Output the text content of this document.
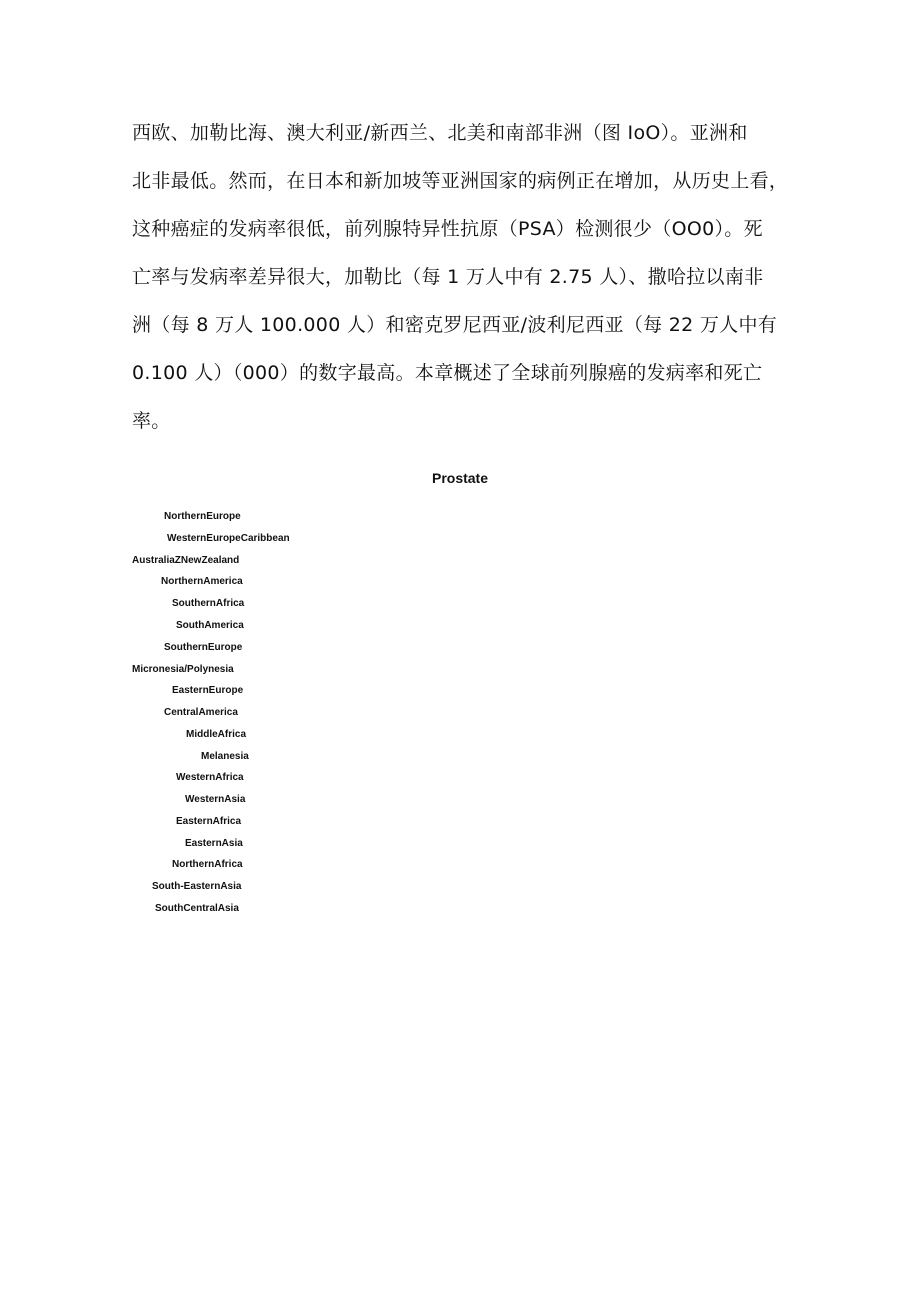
西欧、加勒比海、澳大利亚/新西兰、北美和南部非洲（图 IoO）。亚洲和
北非最低。然而，在日本和新加坡等亚洲国家的病例正在增加，从历史上看，
这种癌症的发病率很低，前列腺特异性抗原（PSA）检测很少（OO0）。死
亡率与发病率差异很大，加勒比（每 1 万人中有 2.75 人）、撒哈拉以南非
洲（每 8 万人 100.000 人）和密克罗尼西亚/波利尼西亚（每 22 万人中有
0.100 人）（000）的数字最高。本章概述了全球前列腺癌的发病率和死亡
率。
Prostate
NorthernEurope
WesternEuropeCaribbean
AustraliaZNewZealand
NorthernAmerica
SouthernAfrica
SouthAmerica
SouthernEurope
Micronesia/Polynesia
EasternEurope
CentralAmerica
MiddleAfrica
Melanesia
WesternAfrica
WesternAsia
EasternAfrica
EasternAsia
NorthernAfrica
South-EasternAsia
SouthCentralAsia
